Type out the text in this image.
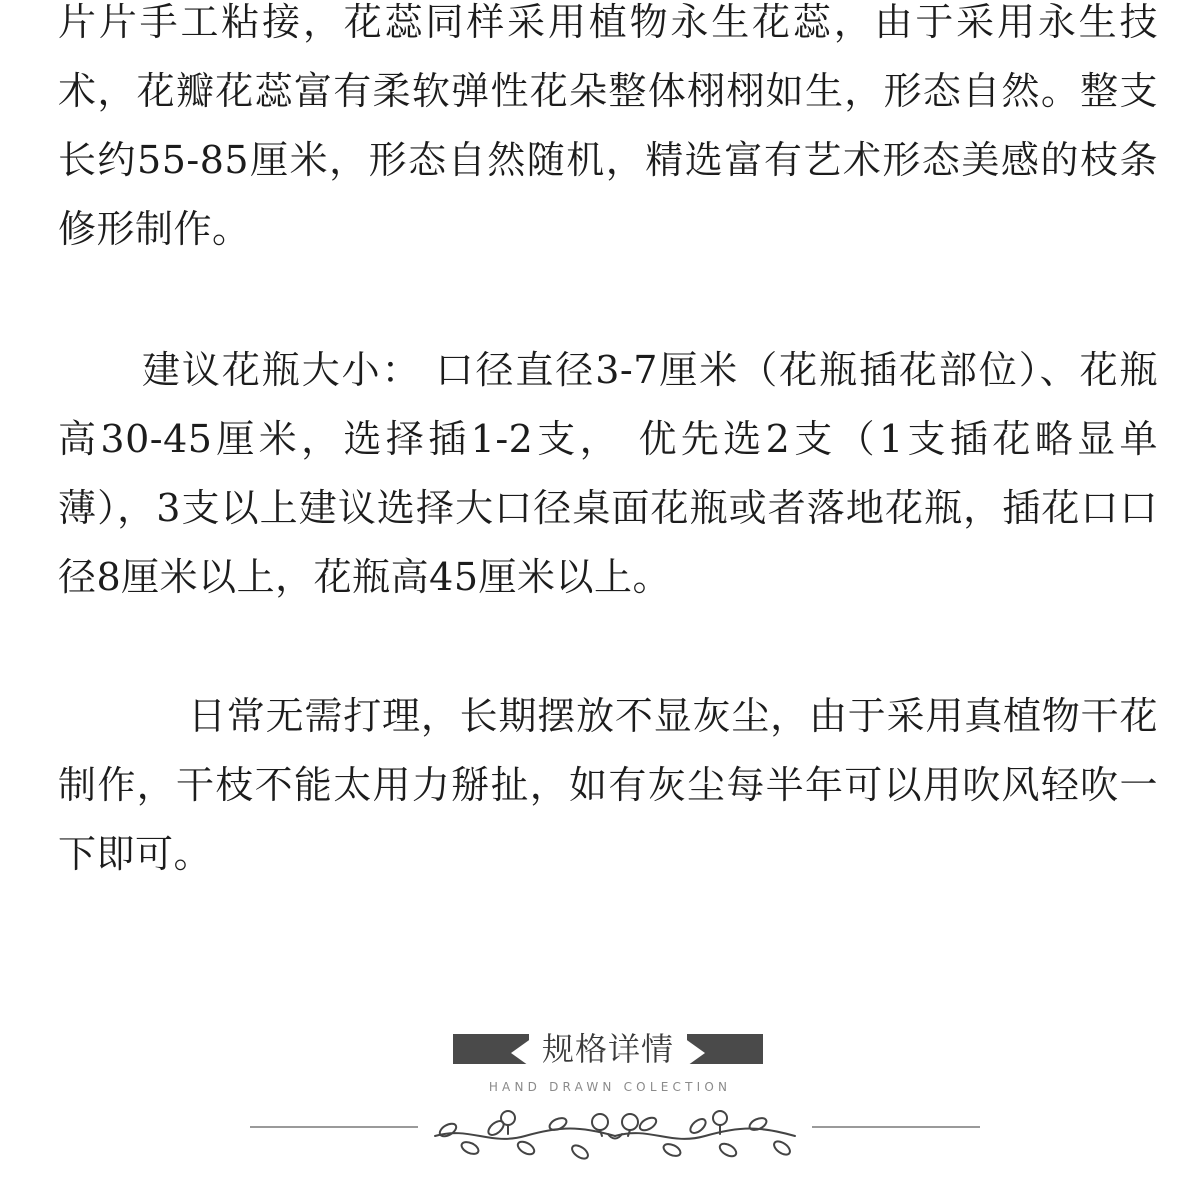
片片手工粘接，花蕊同样采用植物永生花蕊，由于采用永生技术，花瓣花蕊富有柔软弹性花朵整体栩栩如生，形态自然。整支长约55-85厘米，形态自然随机，精选富有艺术形态美感的枝条修形制作。

建议花瓶大小： 口径直径3-7厘米（花瓶插花部位）、花瓶高30-45厘米，选择插1-2支， 优先选2支（1支插花略显单薄），3支以上建议选择大口径桌面花瓶或者落地花瓶，插花口口径8厘米以上，花瓶高45厘米以上。

日常无需打理，长期摆放不显灰尘，由于采用真植物干花制作，干枝不能太用力掰扯，如有灰尘每半年可以用吹风轻吹一下即可。

规格详情
HAND DRAWN COLECTION
